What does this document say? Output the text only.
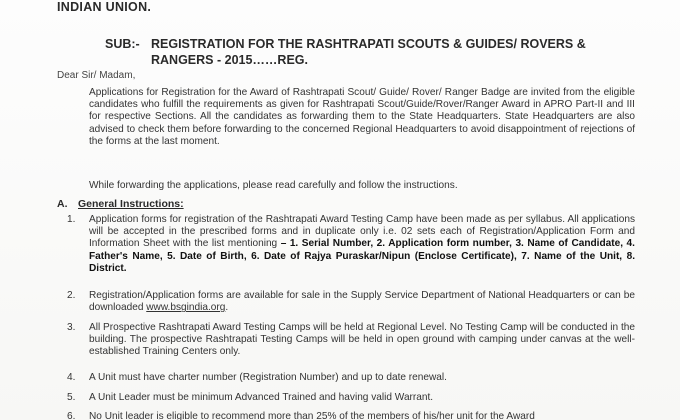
INDIAN UNION.
SUB:- REGISTRATION FOR THE RASHTRAPATI SCOUTS & GUIDES/ ROVERS &
RANGERS - 2015……REG.
Dear Sir/ Madam,
Applications for Registration for the Award of Rashtrapati Scout/ Guide/ Rover/ Ranger Badge are invited from the eligible candidates who fulfill the requirements as given for Rashtrapati Scout/Guide/Rover/Ranger Award in APRO Part-II and III for respective Sections. All the candidates as forwarding them to the State Headquarters. State Headquarters are also advised to check them before forwarding to the concerned Regional Headquarters to avoid disappointment of rejections of the forms at the last moment.
While forwarding the applications, please read carefully and follow the instructions.
A. General Instructions:
1. Application forms for registration of the Rashtrapati Award Testing Camp have been made as per syllabus. All applications will be accepted in the prescribed forms and in duplicate only i.e. 02 sets each of Registration/Application Form and Information Sheet with the list mentioning – 1. Serial Number, 2. Application form number, 3. Name of Candidate, 4. Father's Name, 5. Date of Birth, 6. Date of Rajya Puraskar/Nipun (Enclose Certificate), 7. Name of the Unit, 8. District.
2. Registration/Application forms are available for sale in the Supply Service Department of National Headquarters or can be downloaded www.bsgindia.org.
3. All Prospective Rashtrapati Award Testing Camps will be held at Regional Level. No Testing Camp will be conducted in the building. The prospective Rashtrapati Testing Camps will be held in open ground with camping under canvas at the well-established Training Centers only.
4. A Unit must have charter number (Registration Number) and up to date renewal.
5. A Unit Leader must be minimum Advanced Trained and having valid Warrant.
6. No Unit leader is eligible to recommend more than 25% of the members of his/her unit for the Award
